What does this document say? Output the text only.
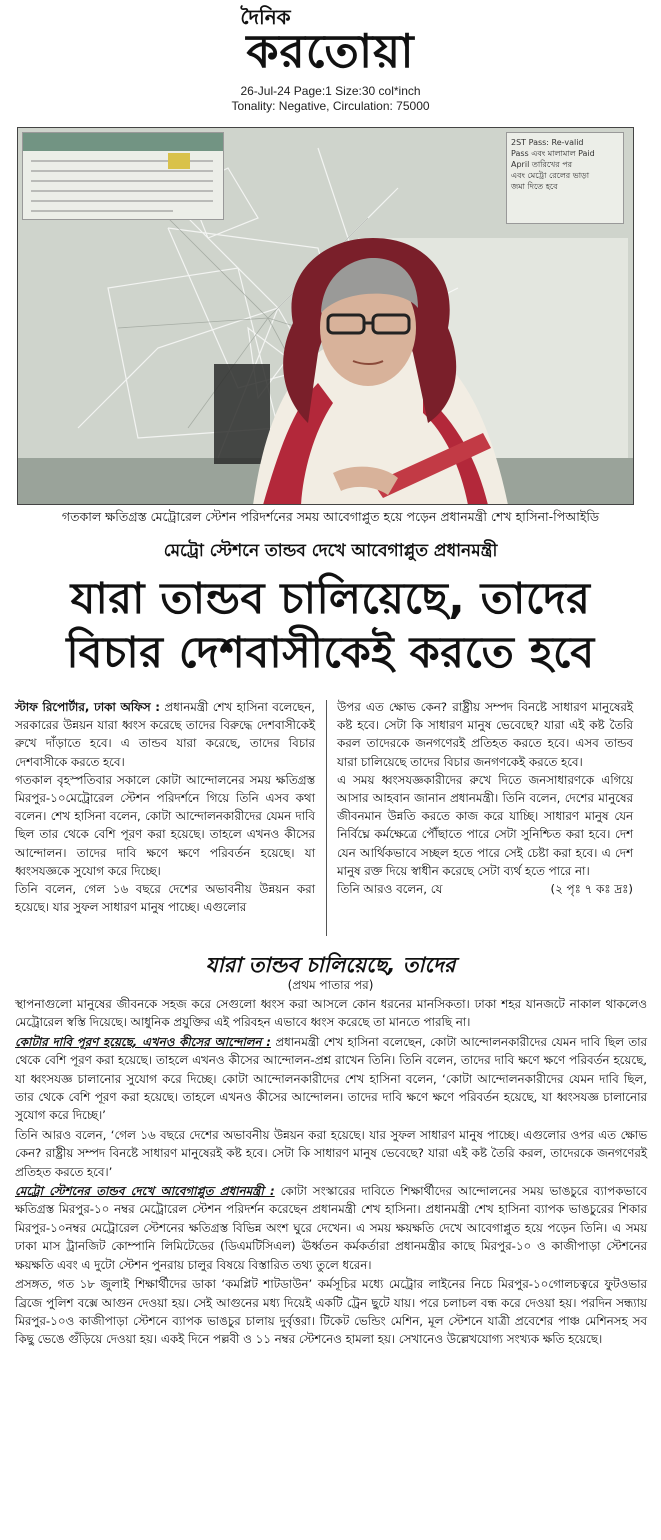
দৈনিক
করতোয়া
26-Jul-24 Page:1 Size:30 col*inch
Tonality: Negative, Circulation: 75000
2ST Pass: Re-valid
Pass এবং মালামাল Paid
April তারিখের পর
এবং মেট্রো রেলের ভাড়া
জমা দিতে হবে
গতকাল ক্ষতিগ্রস্ত মেট্রোরেল স্টেশন পরিদর্শনের সময় আবেগাপ্লুত হয়ে পড়েন প্রধানমন্ত্রী শেখ হাসিনা-পিআইডি
মেট্রো স্টেশনে তান্ডব দেখে আবেগাপ্লুত প্রধানমন্ত্রী
যারা তান্ডব চালিয়েছে, তাদের
বিচার দেশবাসীকেই করতে হবে

স্টাফ রিপোর্টার, ঢাকা অফিস : প্রধানমন্ত্রী শেখ হাসিনা বলেছেন, সরকারের উন্নয়ন যারা ধ্বংস করেছে তাদের বিরুদ্ধে দেশবাসীকেই রুখে দাঁড়াতে হবে। এ তান্ডব যারা করেছে, তাদের বিচার দেশবাসীকে করতে হবে।

গতকাল বৃহস্পতিবার সকালে কোটা আন্দোলনের সময় ক্ষতিগ্রস্ত মিরপুর-১০মেট্রোরেল স্টেশন পরিদর্শনে গিয়ে তিনি এসব কথা বলেন। শেখ হাসিনা বলেন, কোটা আন্দোলনকারীদের যেমন দাবি ছিল তার থেকে বেশি পূরণ করা হয়েছে। তাহলে এখনও কীসের আন্দোলন। তাদের দাবি ক্ষণে ক্ষণে পরিবর্তন হয়েছে। যা ধ্বংসযজ্ঞকে সুযোগ করে দিচ্ছে।

তিনি বলেন, গেল ১৬ বছরে দেশের অভাবনীয় উন্নয়ন করা হয়েছে। যার সুফল সাধারণ মানুষ পাচ্ছে। এগুলোর

উপর এত ক্ষোভ কেন? রাষ্ট্রীয় সম্পদ বিনষ্টে সাধারণ মানুষেরই কষ্ট হবে। সেটা কি সাধারণ মানুষ ভেবেছে? যারা এই কষ্ট তৈরি করল তাদেরকে জনগণেরই প্রতিহত করতে হবে। এসব তান্ডব যারা চালিয়েছে তাদের বিচার জনগণকেই করতে হবে।

এ সময় ধ্বংসযজ্ঞকারীদের রুখে দিতে জনসাধারণকে এগিয়ে আসার আহবান জানান প্রধানমন্ত্রী। তিনি বলেন, দেশের মানুষের জীবনমান উন্নতি করতে কাজ করে যাচ্ছি। সাধারণ মানুষ যেন নির্বিঘ্নে কর্মক্ষেত্রে পৌঁছাতে পারে সেটা সুনিশ্চিত করা হবে। দেশ যেন আর্থিকভাবে সচ্ছল হতে পারে সেই চেষ্টা করা হবে। এ দেশ মানুষ রক্ত দিয়ে স্বাধীন করেছে সেটা ব্যর্থ হতে পারে না।

তিনি আরও বলেন, যে	(২ পৃঃ ৭ কঃ দ্রঃ)

যারা তান্ডব চালিয়েছে, তাদের
(প্রথম পাতার পর)

স্থাপনাগুলো মানুষের জীবনকে সহজ করে সেগুলো ধ্বংস করা আসলে কোন ধরনের মানসিকতা। ঢাকা শহর যানজটে নাকাল থাকলেও মেট্রোরেল স্বস্তি দিয়েছে। আধুনিক প্রযুক্তির এই পরিবহন এভাবে ধ্বংস করেছে তা মানতে পারছি না।

কোটার দাবি পূরণ হয়েছে, এখনও কীসের আন্দোলন : প্রধানমন্ত্রী শেখ হাসিনা বলেছেন, কোটা আন্দোলনকারীদের যেমন দাবি ছিল তার থেকে বেশি পূরণ করা হয়েছে। তাহলে এখনও কীসের আন্দোলন-প্রশ্ন রাখেন তিনি। তিনি বলেন, তাদের দাবি ক্ষণে ক্ষণে পরিবর্তন হয়েছে, যা ধ্বংসযজ্ঞ চালানোর সুযোগ করে দিচ্ছে। কোটা আন্দোলনকারীদের শেখ হাসিনা বলেন, ‘কোটা আন্দোলনকারীদের যেমন দাবি ছিল, তার থেকে বেশি পূরণ করা হয়েছে। তাহলে এখনও কীসের আন্দোলন। তাদের দাবি ক্ষণে ক্ষণে পরিবর্তন হয়েছে, যা ধ্বংসযজ্ঞ চালানোর সুযোগ করে দিচ্ছে।’

তিনি আরও বলেন, ‘গেল ১৬ বছরে দেশের অভাবনীয় উন্নয়ন করা হয়েছে। যার সুফল সাধারণ মানুষ পাচ্ছে। এগুলোর ওপর এত ক্ষোভ কেন? রাষ্ট্রীয় সম্পদ বিনষ্টে সাধারণ মানুষেরই কষ্ট হবে। সেটা কি সাধারণ মানুষ ভেবেছে? যারা এই কষ্ট তৈরি করল, তাদেরকে জনগণেরই প্রতিহত করতে হবে।’

মেট্রো স্টেশনের তান্ডব দেখে আবেগাপ্লুত প্রধানমন্ত্রী : কোটা সংস্কারের দাবিতে শিক্ষার্থীদের আন্দোলনের সময় ভাঙচুরে ব্যাপকভাবে ক্ষতিগ্রস্ত মিরপুর-১০ নম্বর মেট্রোরেল স্টেশন পরিদর্শন করেছেন প্রধানমন্ত্রী শেখ হাসিনা। প্রধানমন্ত্রী শেখ হাসিনা ব্যাপক ভাঙচুরের শিকার মিরপুর-১০নম্বর মেট্রোরেল স্টেশনের ক্ষতিগ্রস্ত বিভিন্ন অংশ ঘুরে দেখেন। এ সময় ক্ষয়ক্ষতি দেখে আবেগাপ্লুত হয়ে পড়েন তিনি। এ সময় ঢাকা মাস ট্রানজিট কোম্পানি লিমিটেডের (ডিএমটিসিএল) ঊর্ধ্বতন কর্মকর্তারা প্রধানমন্ত্রীর কাছে মিরপুর-১০ ও কাজীপাড়া স্টেশনের ক্ষয়ক্ষতি এবং এ দুটো স্টেশন পুনরায় চালুর বিষয়ে বিস্তারিত তথ্য তুলে ধরেন।

প্রসঙ্গত, গত ১৮ জুলাই শিক্ষার্থীদের ডাকা ‘কমপ্লিট শাটডাউন’ কর্মসূচির মধ্যে মেট্রোর লাইনের নিচে মিরপুর-১০গোলচত্বরে ফুটওভার ব্রিজে পুলিশ বক্সে আগুন দেওয়া হয়। সেই আগুনের মধ্য দিয়েই একটি ট্রেন ছুটে যায়। পরে চলাচল বন্ধ করে দেওয়া হয়। পরদিন সন্ধ্যায় মিরপুর-১০ও কাজীপাড়া স্টেশনে ব্যাপক ভাঙচুর চালায় দুর্বৃত্তরা। টিকেট ভেন্ডিং মেশিন, মূল স্টেশনে যাত্রী প্রবেশের পাঞ্চ মেশিনসহ সব কিছু ভেঙে গুঁড়িয়ে দেওয়া হয়। একই দিনে পল্লবী ও ১১ নম্বর স্টেশনেও হামলা হয়। সেখানেও উল্লেখযোগ্য সংখ্যক ক্ষতি হয়েছে।
